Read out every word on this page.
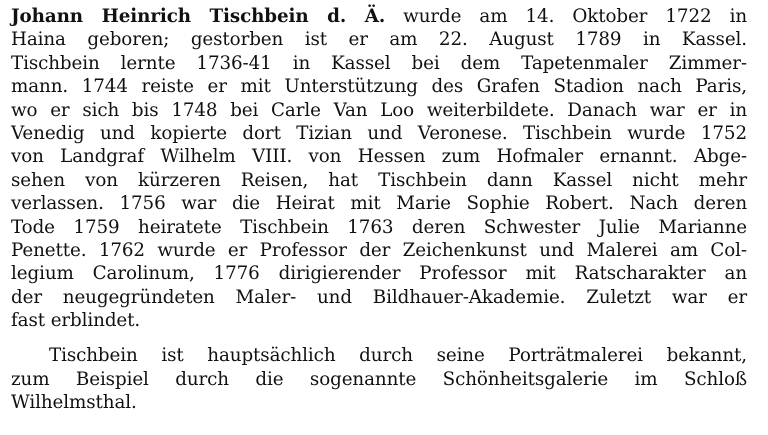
Johann Heinrich Tischbein d. Ä. wurde am 14. Oktober 1722 in
Haina geboren; gestorben ist er am 22. August 1789 in Kassel.
Tischbein lernte 1736-41 in Kassel bei dem Tapetenmaler Zimmer-
mann. 1744 reiste er mit Unterstützung des Grafen Stadion nach Paris,
wo er sich bis 1748 bei Carle Van Loo weiterbildete. Danach war er in
Venedig und kopierte dort Tizian und Veronese. Tischbein wurde 1752
von Landgraf Wilhelm VIII. von Hessen zum Hofmaler ernannt. Abge-
sehen von kürzeren Reisen, hat Tischbein dann Kassel nicht mehr
verlassen. 1756 war die Heirat mit Marie Sophie Robert. Nach deren
Tode 1759 heiratete Tischbein 1763 deren Schwester Julie Marianne
Penette. 1762 wurde er Professor der Zeichenkunst und Malerei am Col-
legium Carolinum, 1776 dirigierender Professor mit Ratscharakter an
der neugegründeten Maler- und Bildhauer-Akademie. Zuletzt war er
fast erblindet.
Tischbein ist hauptsächlich durch seine Porträtmalerei bekannt,
zum Beispiel durch die sogenannte Schönheitsgalerie im Schloß
Wilhelmsthal.
